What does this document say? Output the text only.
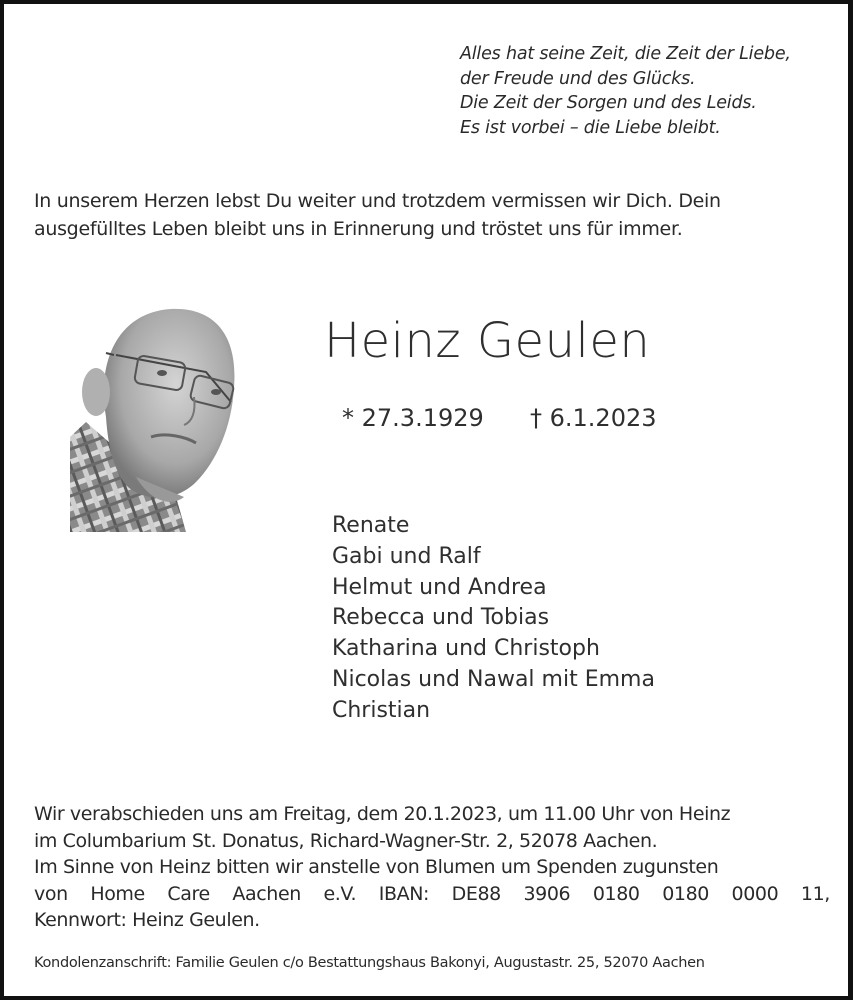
Alles hat seine Zeit, die Zeit der Liebe,
der Freude und des Glücks.
Die Zeit der Sorgen und des Leids.
Es ist vorbei – die Liebe bleibt.
In unserem Herzen lebst Du weiter und trotzdem vermissen wir Dich. Dein
ausgefülltes Leben bleibt uns in Erinnerung und tröstet uns für immer.
Heinz Geulen
* 27.3.1929 † 6.1.2023
Renate
Gabi und Ralf
Helmut und Andrea
Rebecca und Tobias
Katharina und Christoph
Nicolas und Nawal mit Emma
Christian
Wir verabschieden uns am Freitag, dem 20.1.2023, um 11.00 Uhr von Heinz
im Columbarium St. Donatus, Richard-Wagner-Str. 2, 52078 Aachen.
Im Sinne von Heinz bitten wir anstelle von Blumen um Spenden zugunsten
von Home Care Aachen e.V. IBAN: DE88 3906 0180 0180 0000 11,
Kennwort: Heinz Geulen.
Kondolenzanschrift: Familie Geulen c/o Bestattungshaus Bakonyi, Augustastr. 25, 52070 Aachen
